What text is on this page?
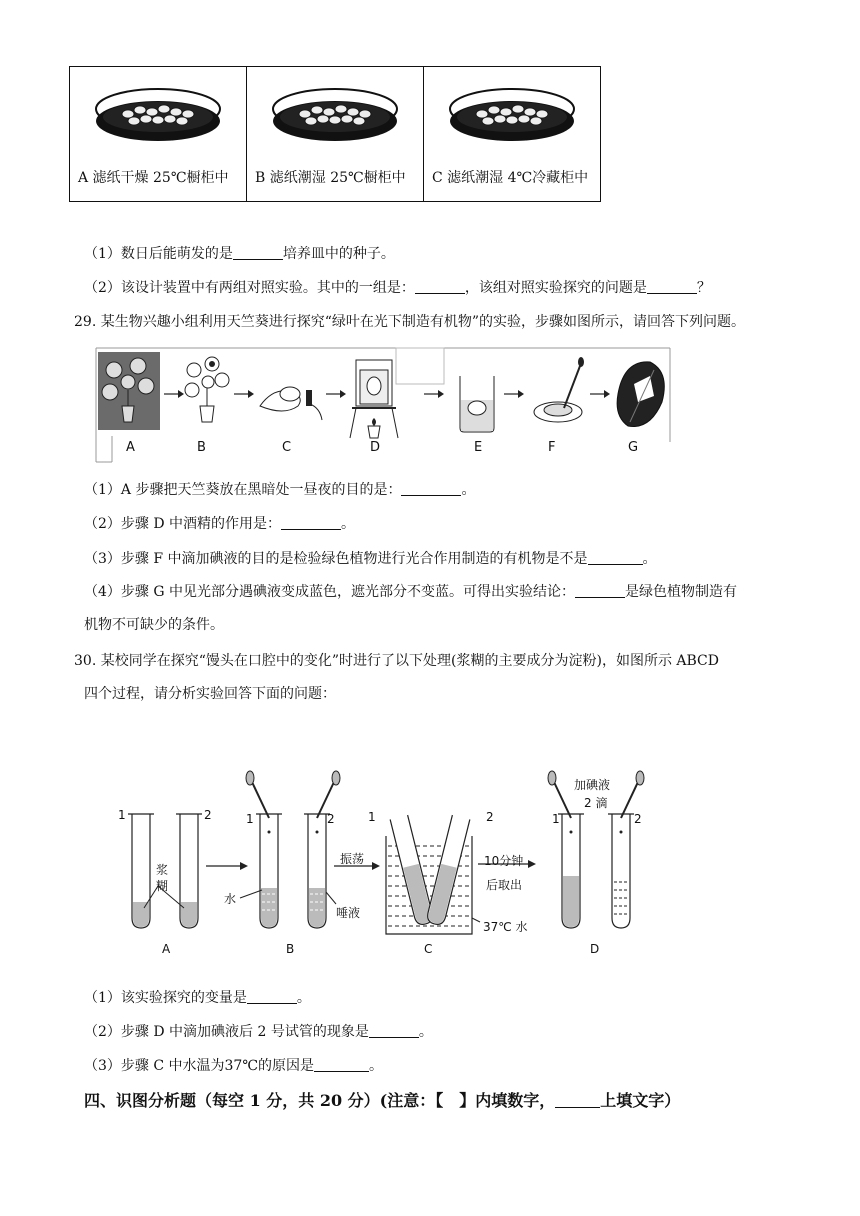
A 滤纸干燥 25℃橱柜中	B 滤纸潮湿 25℃橱柜中	C 滤纸潮湿 4℃冷藏柜中
（1）数日后能萌发的是	培养皿中的种子。
（2）该设计装置中有两组对照实验。其中的一组是：	，该组对照实验探究的问题是	？
29. 某生物兴趣小组利用天竺葵进行探究“绿叶在光下制造有机物”的实验，步骤如图所示，请回答下列问题。
A	B	C	D	E	F	G
（1）A 步骤把天竺葵放在黑暗处一昼夜的目的是：	。
（2）步骤 D 中酒精的作用是：	。
（3）步骤 F 中滴加碘液的目的是检验绿色植物进行光合作用制造的有机物是不是	。
（4）步骤 G 中见光部分遇碘液变成蓝色，遮光部分不变蓝。可得出实验结论：	是绿色植物制造有
机物不可缺少的条件。
30. 某校同学在探究“馒头在口腔中的变化”时进行了以下处理(浆糊的主要成分为淀粉)，如图所示 ABCD
四个过程，请分析实验回答下面的问题：
1	2
浆糊
1	2
水
唾液
振荡
1	2
37℃ 水
10分钟
后取出
加碘液
2 滴
1	2
A	B	C	D
（1）该实验探究的变量是	。
（2）步骤 D 中滴加碘液后 2 号试管的现象是	。
（3）步骤 C 中水温为37℃的原因是	。
四、识图分析题（每空 1 分，共 20 分）(注意：【　】内填数字，	上填文字）
